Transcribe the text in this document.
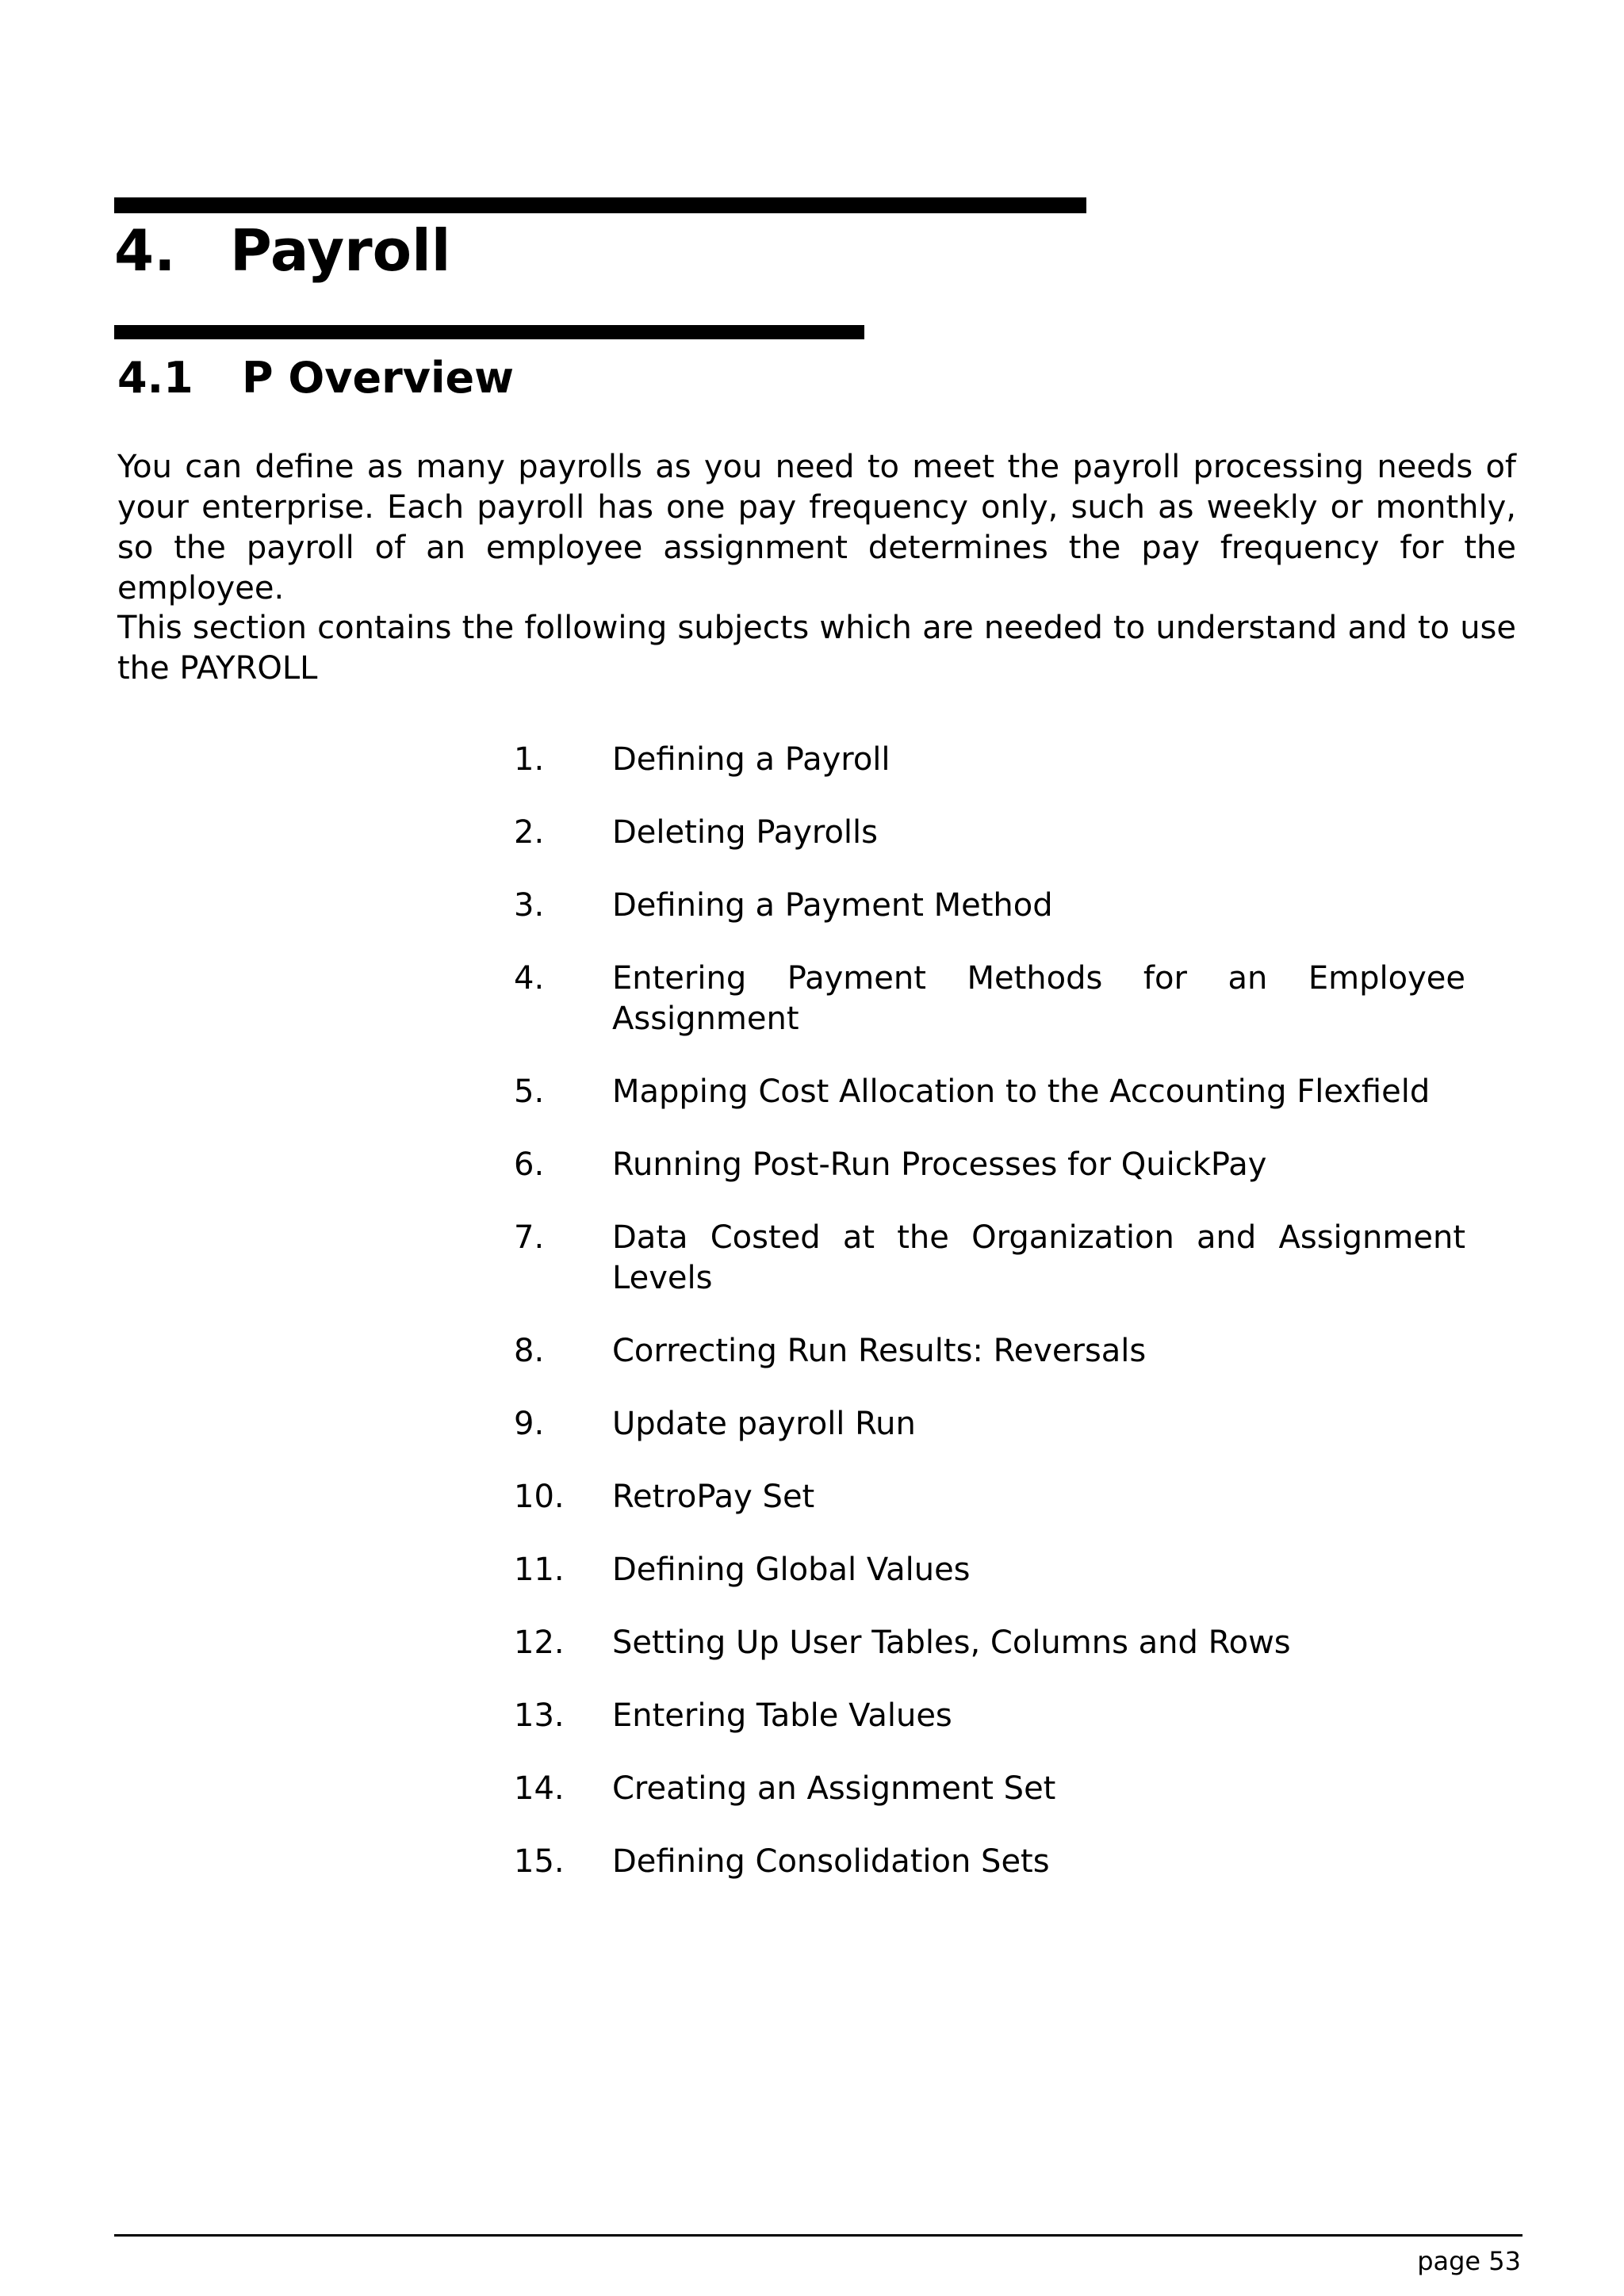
4. Payroll
4.1 P Overview

You can define as many payrolls as you need to meet the payroll processing needs of your enterprise. Each payroll has one pay frequency only, such as weekly or monthly, so the payroll of an employee assignment determines the pay frequency for the employee.

This section contains the following subjects which are needed to understand and to use the PAYROLL

1.	Defining a Payroll
2.	Deleting Payrolls
3.	Defining a Payment Method
4.	Entering Payment Methods for an Employee Assignment
5.	Mapping Cost Allocation to the Accounting Flexfield
6.	Running Post-Run Processes for QuickPay
7.	Data Costed at the Organization and Assignment Levels
8.	Correcting Run Results: Reversals
9.	Update payroll Run
10.	RetroPay Set
11.	Defining Global Values
12.	Setting Up User Tables, Columns and Rows
13.	Entering Table Values
14.	Creating an Assignment Set
15.	Defining Consolidation Sets
page 53
